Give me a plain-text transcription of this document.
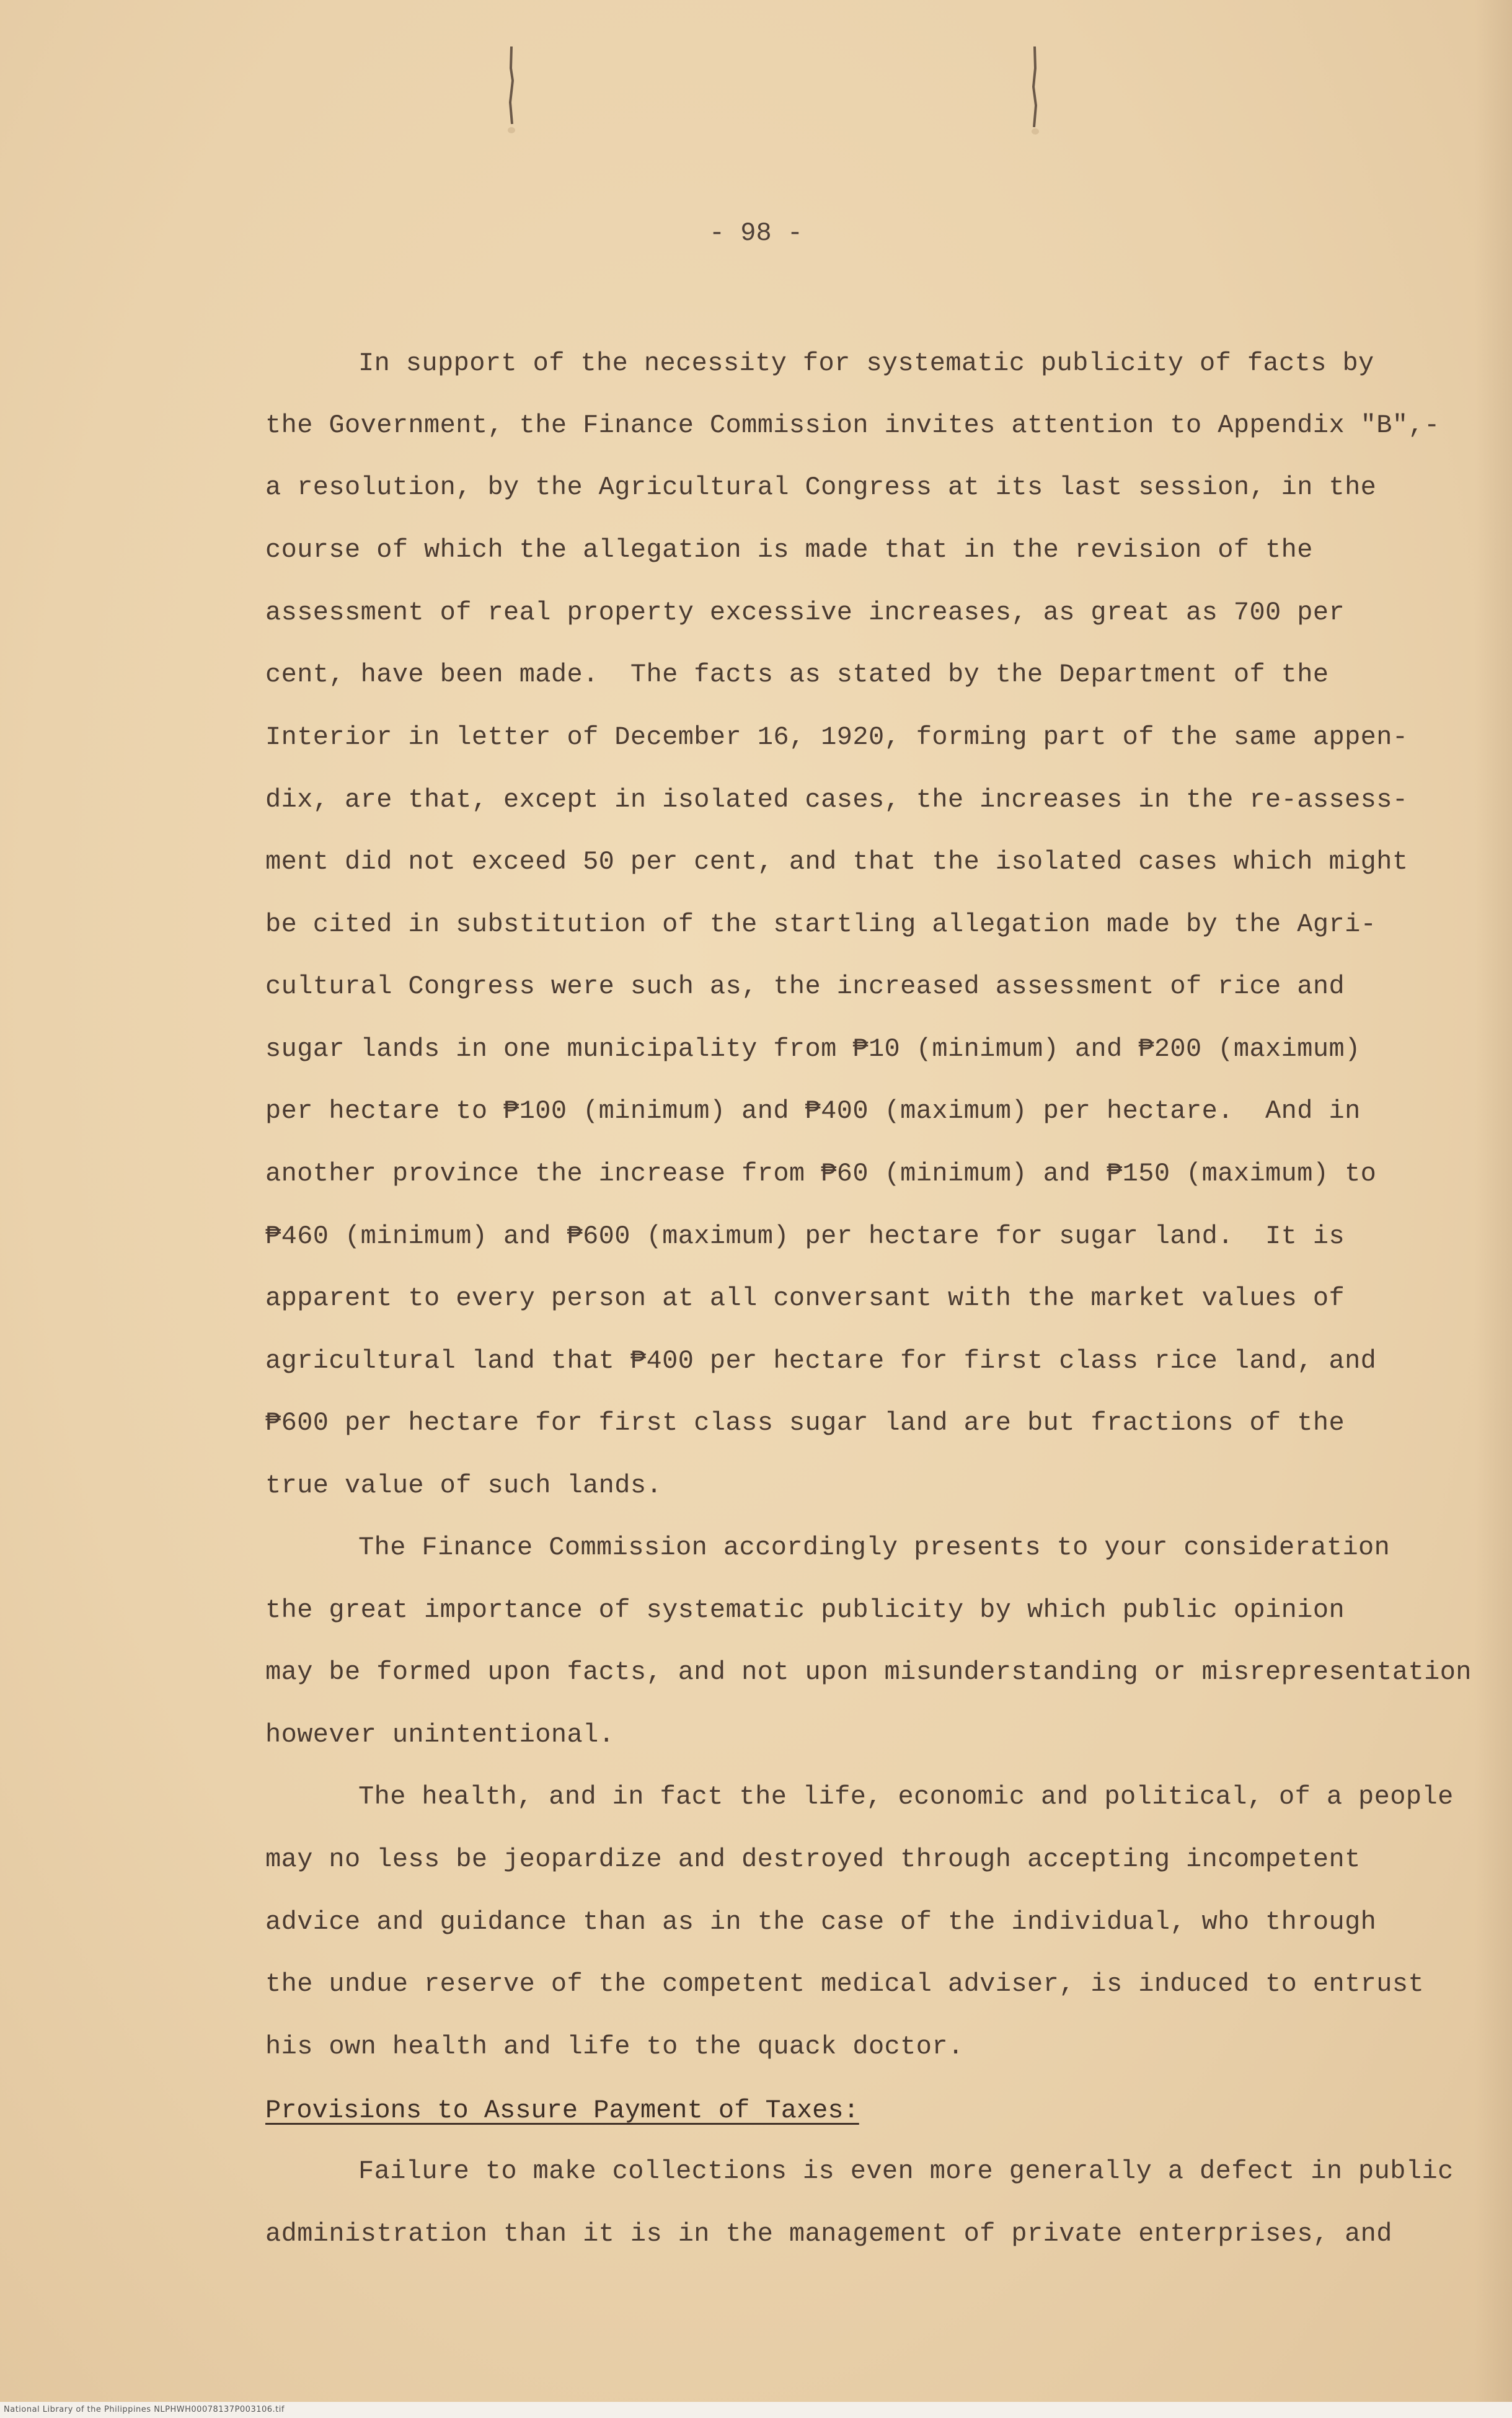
- 98 -
In support of the necessity for systematic publicity of facts by
the Government, the Finance Commission invites attention to Appendix "B",-
a resolution, by the Agricultural Congress at its last session, in the
course of which the allegation is made that in the revision of the
assessment of real property excessive increases, as great as 700 per
cent, have been made.  The facts as stated by the Department of the
Interior in letter of December 16, 1920, forming part of the same appen-
dix, are that, except in isolated cases, the increases in the re-assess-
ment did not exceed 50 per cent, and that the isolated cases which might
be cited in substitution of the startling allegation made by the Agri-
cultural Congress were such as, the increased assessment of rice and
sugar lands in one municipality from ₱10 (minimum) and ₱200 (maximum)
per hectare to ₱100 (minimum) and ₱400 (maximum) per hectare.  And in
another province the increase from ₱60 (minimum) and ₱150 (maximum) to
₱460 (minimum) and ₱600 (maximum) per hectare for sugar land.  It is
apparent to every person at all conversant with the market values of
agricultural land that ₱400 per hectare for first class rice land, and
₱600 per hectare for first class sugar land are but fractions of the
true value of such lands.
The Finance Commission accordingly presents to your consideration
the great importance of systematic publicity by which public opinion
may be formed upon facts, and not upon misunderstanding or misrepresentation
however unintentional.
The health, and in fact the life, economic and political, of a people
may no less be jeopardize and destroyed through accepting incompetent
advice and guidance than as in the case of the individual, who through
the undue reserve of the competent medical adviser, is induced to entrust
his own health and life to the quack doctor.
Provisions to Assure Payment of Taxes:
Failure to make collections is even more generally a defect in public
administration than it is in the management of private enterprises, and
National Library of the Philippines NLPHWH00078137P003106.tif
